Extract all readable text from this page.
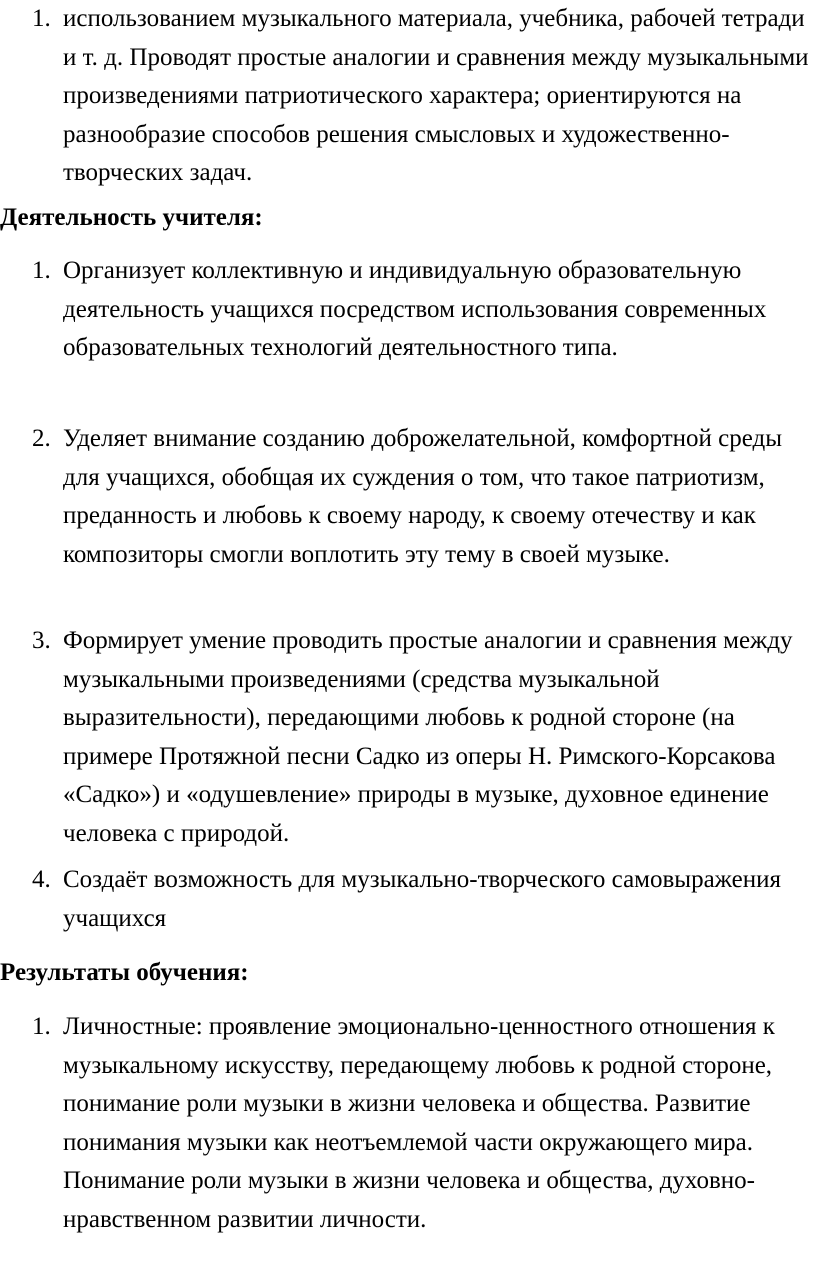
1. использованием музыкального материала, учебника, рабочей тетради и т. д. Проводят простые аналогии и сравнения между музыкальными произведениями патриотического характера; ориентируются на разнообразие способов решения смысловых и художественно-творческих задач.
Деятельность учителя:
1. Организует коллективную и индивидуальную образовательную деятельность учащихся посредством использования современных образовательных технологий деятельностного типа.
2. Уделяет внимание созданию доброжелательной, комфортной среды для учащихся, обобщая их суждения о том, что такое патриотизм, преданность и любовь к своему народу, к своему отечеству и как композиторы смогли воплотить эту тему в своей музыке.
3. Формирует умение проводить простые аналогии и сравнения между музыкальными произведениями (средства музыкальной выразительности), передающими любовь к родной стороне (на примере Протяжной песни Садко из оперы Н. Римского-Корсакова «Садко») и «одушевление» природы в музыке, духовное единение человека с природой.
4. Создаёт возможность для музыкально-творческого самовыражения учащихся
Результаты обучения:
1. Личностные: проявление эмоционально-ценностного отношения к музыкальному искусству, передающему любовь к родной стороне, понимание роли музыки в жизни человека и общества. Развитие понимания музыки как неотъемлемой части окружающего мира. Понимание роли музыки в жизни человека и общества, духовно-нравственном развитии личности.
